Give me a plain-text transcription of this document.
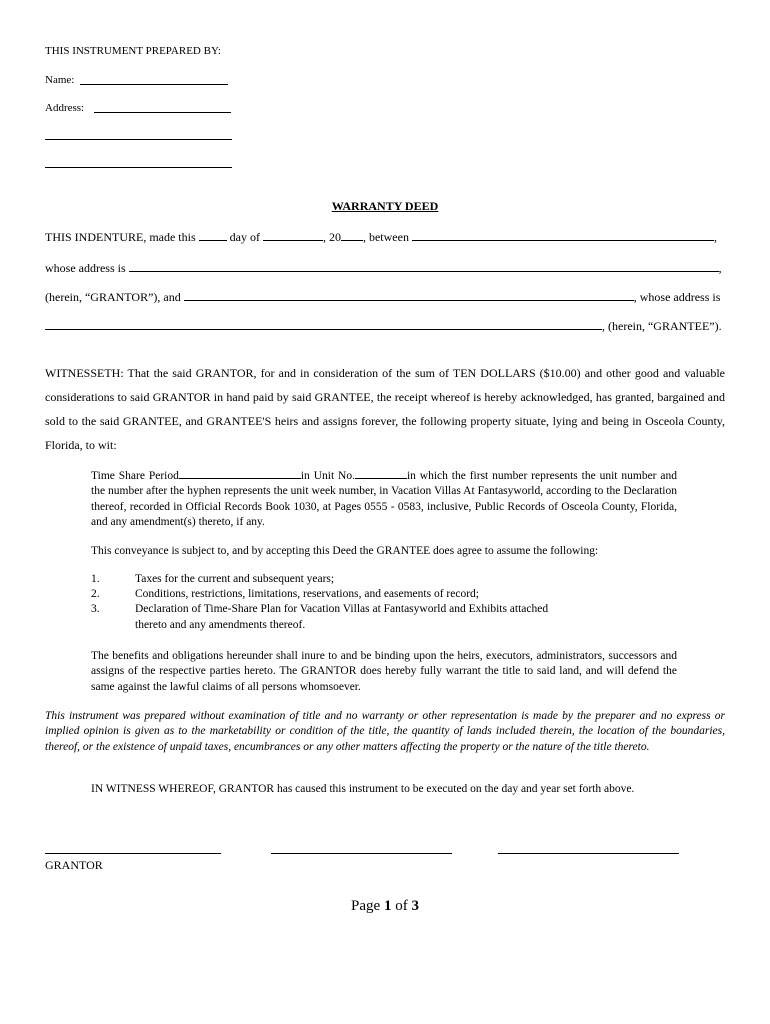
THIS INSTRUMENT PREPARED BY:
Name:
Address:
WARRANTY DEED
THIS INDENTURE, made this	day of	, 20 , between	,
whose address is	,
(herein, “GRANTOR”), and	, whose address is
, (herein, “GRANTEE”).
WITNESSETH: That the said GRANTOR, for and in consideration of the sum of TEN DOLLARS ($10.00) and other good and valuable considerations to said GRANTOR in hand paid by said GRANTEE, the receipt whereof is hereby acknowledged, has granted, bargained and sold to the said GRANTEE, and GRANTEE'S heirs and assigns forever, the following property situate, lying and being in Osceola County, Florida, to wit:
Time Share Period	in Unit No.	in which the first number represents the unit number and the number after the hyphen represents the unit week number, in Vacation Villas At Fantasyworld, according to the Declaration thereof, recorded in Official Records Book 1030, at Pages 0555 - 0583, inclusive, Public Records of Osceola County, Florida, and any amendment(s) thereto, if any.
This conveyance is subject to, and by accepting this Deed the GRANTEE does agree to assume the following:
1.	Taxes for the current and subsequent years;
2.	Conditions, restrictions, limitations, reservations, and easements of record;
3.	Declaration of Time-Share Plan for Vacation Villas at Fantasyworld and Exhibits attached
thereto and any amendments thereof.
The benefits and obligations hereunder shall inure to and be binding upon the heirs, executors, administrators, successors and assigns of the respective parties hereto. The GRANTOR does hereby fully warrant the title to said land, and will defend the same against the lawful claims of all persons whomsoever.
This instrument was prepared without examination of title and no warranty or other representation is made by the preparer and no express or implied opinion is given as to the marketability or condition of the title, the quantity of lands included therein, the location of the boundaries, thereof, or the existence of unpaid taxes, encumbrances or any other matters affecting the property or the nature of the title thereto.
IN WITNESS WHEREOF, GRANTOR has caused this instrument to be executed on the day and year set forth above.
GRANTOR
Page 1 of 3
